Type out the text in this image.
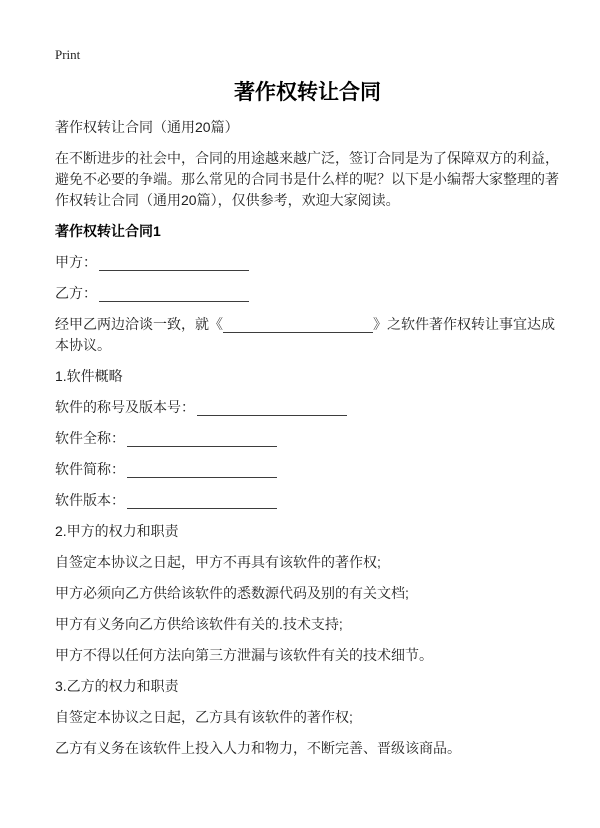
Print
著作权转让合同

著作权转让合同（通用20篇）

在不断进步的社会中，合同的用途越来越广泛，签订合同是为了保障双方的利益，避免不必要的争端。那么常见的合同书是什么样的呢？以下是小编帮大家整理的著作权转让合同（通用20篇），仅供参考，欢迎大家阅读。

著作权转让合同1

甲方：

乙方：

经甲乙两边洽谈一致，就《	》之软件著作权转让事宜达成本协议。

1.软件概略

软件的称号及版本号：

软件全称：

软件简称：

软件版本：

2.甲方的权力和职责

自签定本协议之日起，甲方不再具有该软件的著作权;

甲方必须向乙方供给该软件的悉数源代码及别的有关文档;

甲方有义务向乙方供给该软件有关的.技术支持;

甲方不得以任何方法向第三方泄漏与该软件有关的技术细节。

3.乙方的权力和职责

自签定本协议之日起，乙方具有该软件的著作权;

乙方有义务在该软件上投入人力和物力，不断完善、晋级该商品。
